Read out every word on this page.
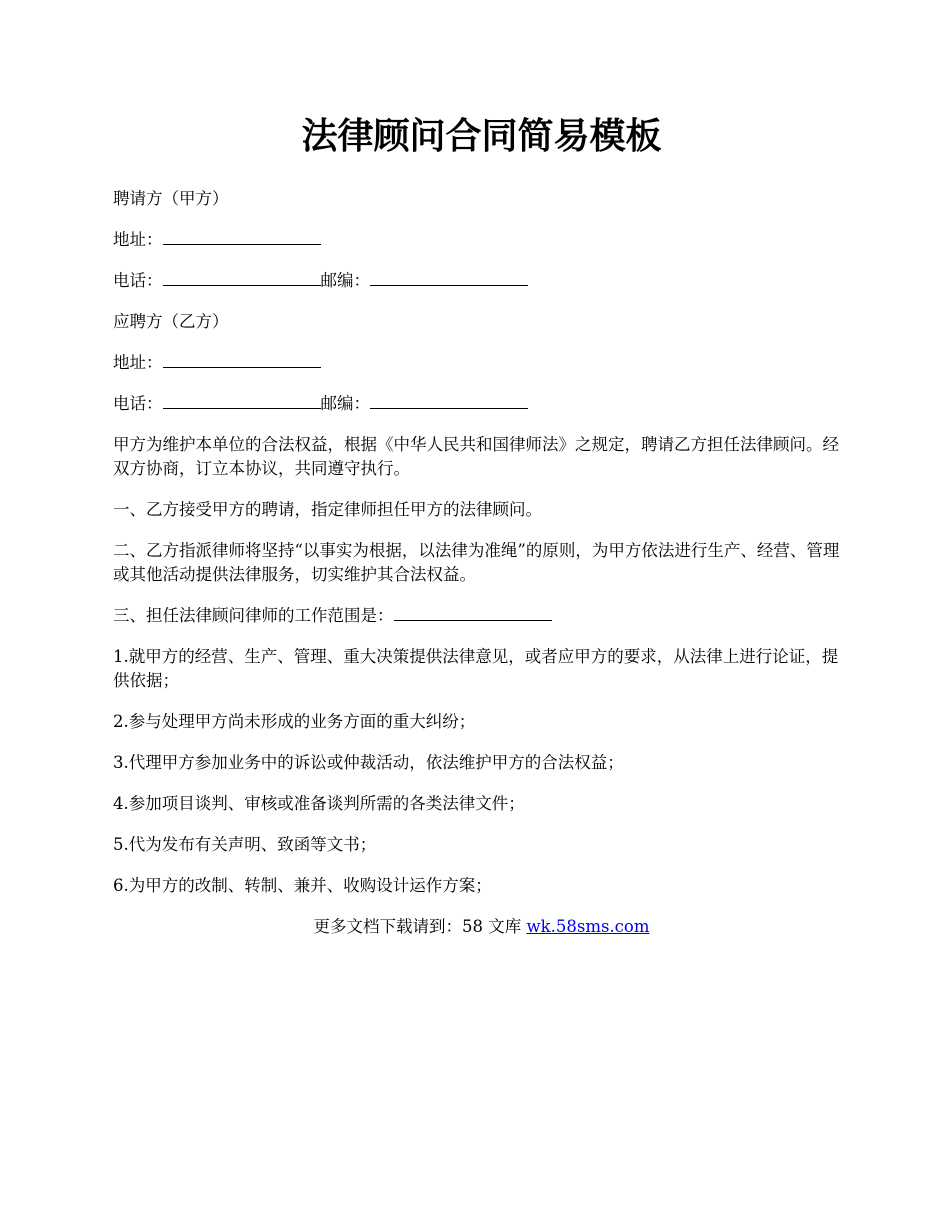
法律顾问合同简易模板

聘请方（甲方）

地址：

电话：	邮编：

应聘方（乙方）

地址：

电话：	邮编：

甲方为维护本单位的合法权益，根据《中华人民共和国律师法》之规定，聘请乙方担任法律顾问。经双方协商，订立本协议，共同遵守执行。

一、乙方接受甲方的聘请，指定律师担任甲方的法律顾问。

二、乙方指派律师将坚持“以事实为根据，以法律为准绳”的原则，为甲方依法进行生产、经营、管理或其他活动提供法律服务，切实维护其合法权益。

三、担任法律顾问律师的工作范围是：

1.就甲方的经营、生产、管理、重大决策提供法律意见，或者应甲方的要求，从法律上进行论证，提供依据；

2.参与处理甲方尚未形成的业务方面的重大纠纷；

3.代理甲方参加业务中的诉讼或仲裁活动，依法维护甲方的合法权益；

4.参加项目谈判、审核或准备谈判所需的各类法律文件；

5.代为发布有关声明、致函等文书；

6.为甲方的改制、转制、兼并、收购设计运作方案；

更多文档下载请到：58 文库 wk.58sms.com
